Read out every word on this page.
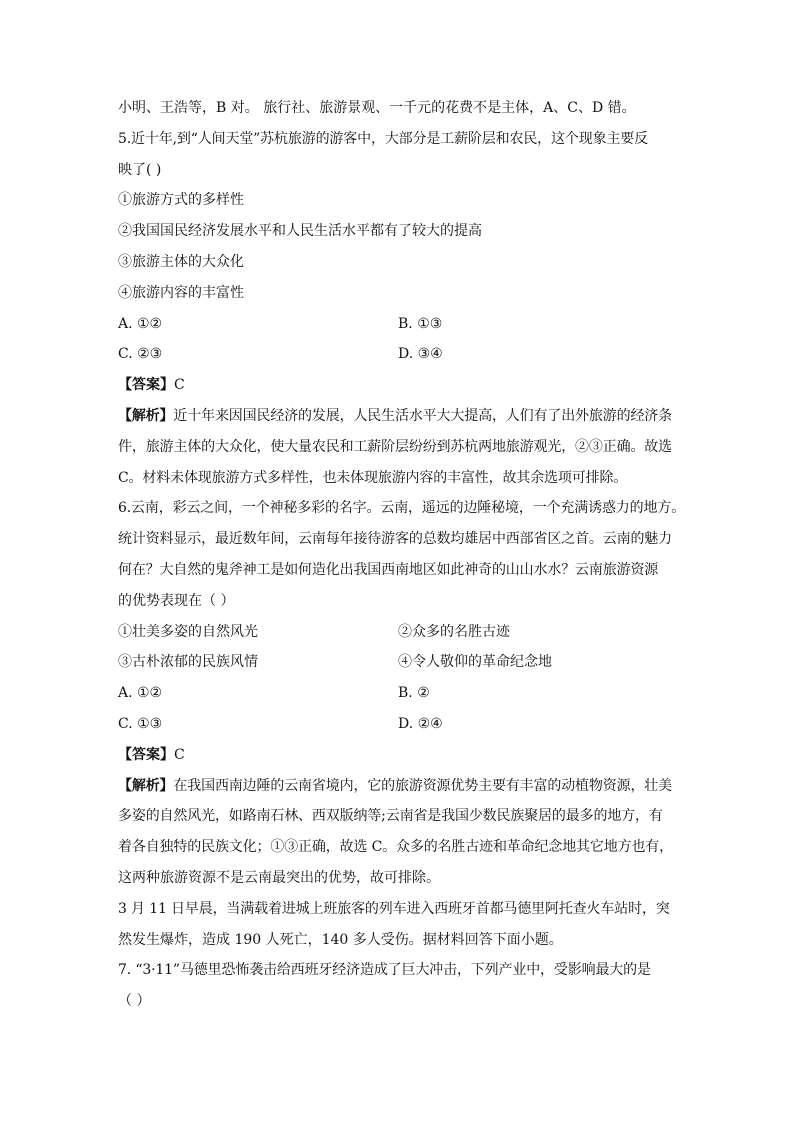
小明、王浩等，B 对。 旅行社、旅游景观、一千元的花费不是主体，A、C、D 错。
5.近十年,到“人间天堂”苏杭旅游的游客中，大部分是工薪阶层和农民，这个现象主要反
映了( )
①旅游方式的多样性
②我国国民经济发展水平和人民生活水平都有了较大的提高
③旅游主体的大众化
④旅游内容的丰富性
A. ①②	B. ①③
C. ②③	D. ③④
【答案】C
【解析】近十年来因国民经济的发展，人民生活水平大大提高，人们有了出外旅游的经济条
件，旅游主体的大众化，使大量农民和工薪阶层纷纷到苏杭两地旅游观光，②③正确。故选
C。材料未体现旅游方式多样性，也未体现旅游内容的丰富性，故其余选项可排除。
6.云南，彩云之间，一个神秘多彩的名字。云南，遥远的边陲秘境，一个充满诱惑力的地方。
统计资料显示，最近数年间，云南每年接待游客的总数均雄居中西部省区之首。云南的魅力
何在？大自然的鬼斧神工是如何造化出我国西南地区如此神奇的山山水水？云南旅游资源
的优势表现在（ ）
①壮美多姿的自然风光	②众多的名胜古迹
③古朴浓郁的民族风情	④令人敬仰的革命纪念地
A. ①②	B. ②
C. ①③	D. ②④
【答案】C
【解析】在我国西南边陲的云南省境内，它的旅游资源优势主要有丰富的动植物资源，壮美
多姿的自然风光，如路南石林、西双版纳等;云南省是我国少数民族聚居的最多的地方，有
着各自独特的民族文化；①③正确，故选 C。众多的名胜古迹和革命纪念地其它地方也有，
这两种旅游资源不是云南最突出的优势，故可排除。
3 月 11 日早晨，当满载着进城上班旅客的列车进入西班牙首都马德里阿托查火车站时，突
然发生爆炸，造成 190 人死亡，140 多人受伤。据材料回答下面小题。
7. “3·11”马德里恐怖袭击给西班牙经济造成了巨大冲击，下列产业中，受影响最大的是
（ ）
